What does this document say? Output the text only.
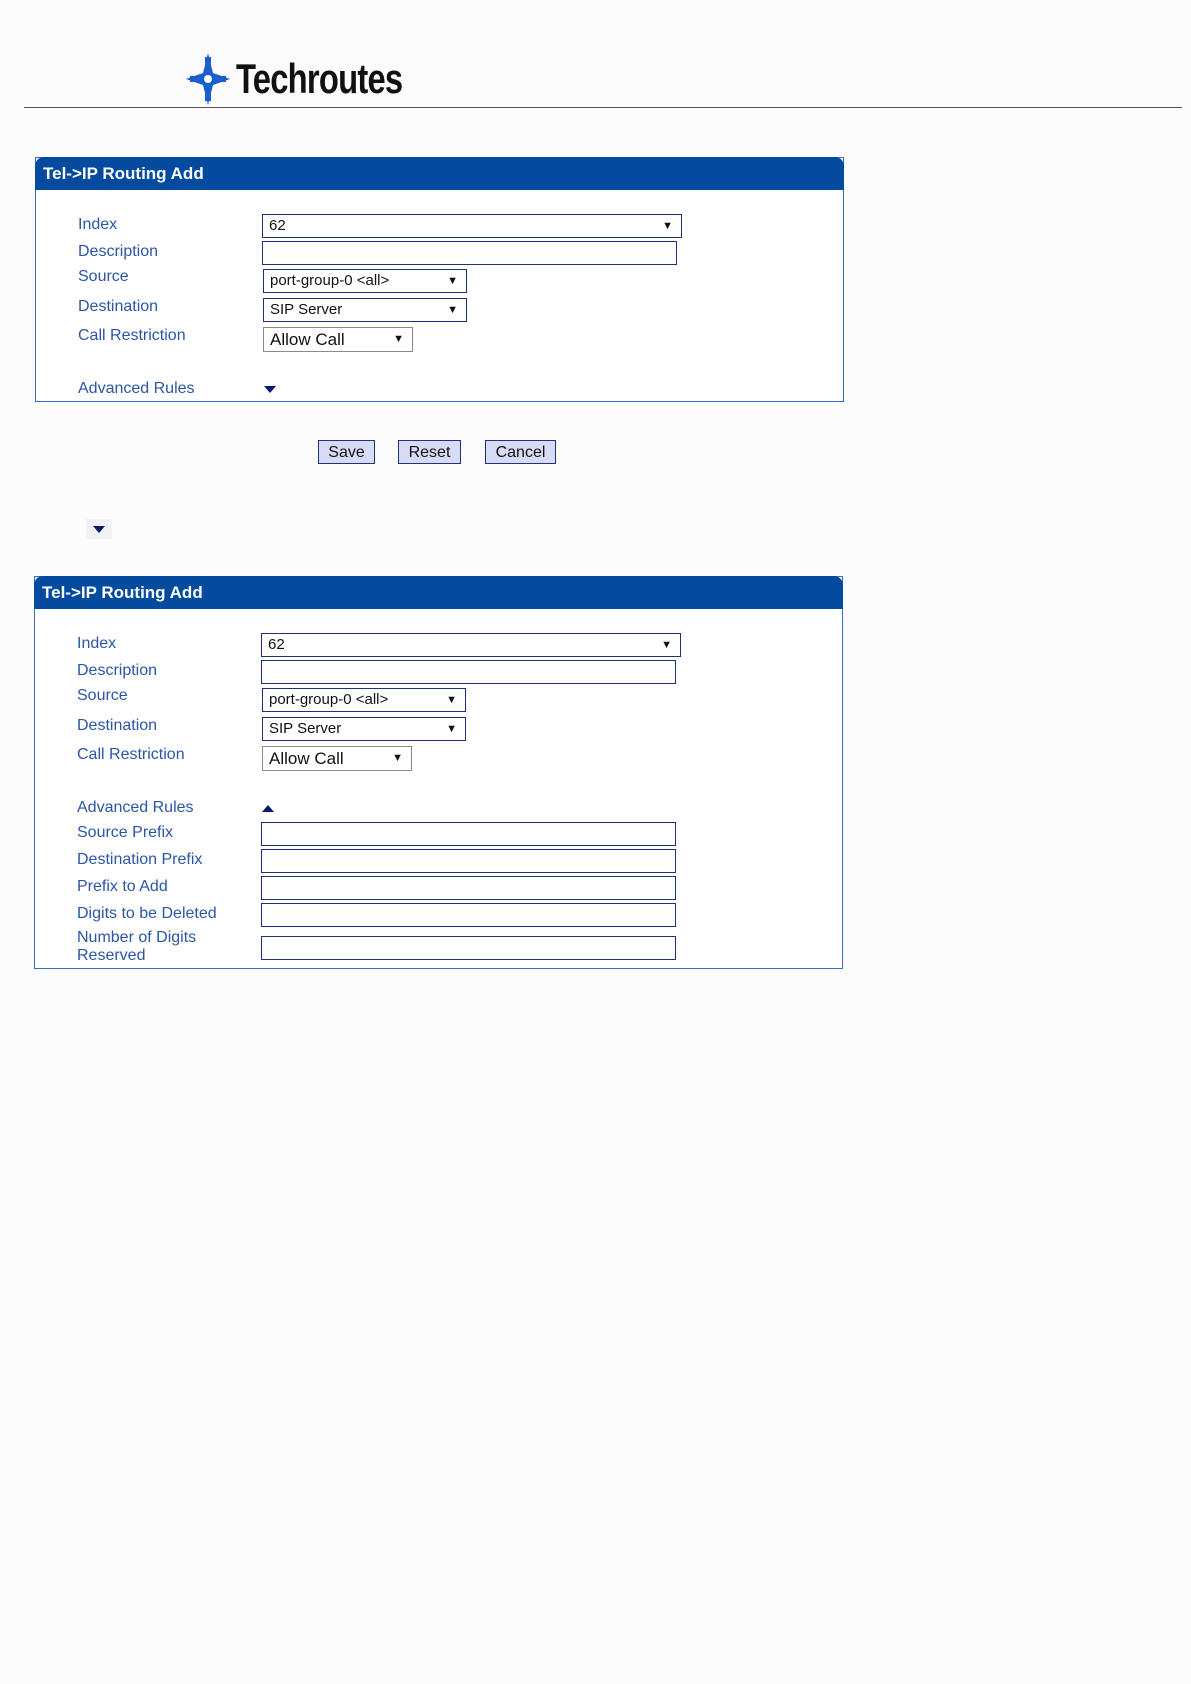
Techroutes
Tel->IP Routing Add
Index	62	▼
Description
Source	port-group-0 <all>	▼
Destination	SIP Server	▼
Call Restriction	Allow Call	▼
Advanced Rules
Save	Reset	Cancel
Tel->IP Routing Add
Index	62	▼
Description
Source	port-group-0 <all>	▼
Destination	SIP Server	▼
Call Restriction	Allow Call	▼
Advanced Rules
Source Prefix
Destination Prefix
Prefix to Add
Digits to be Deleted
Number of Digits Reserved
